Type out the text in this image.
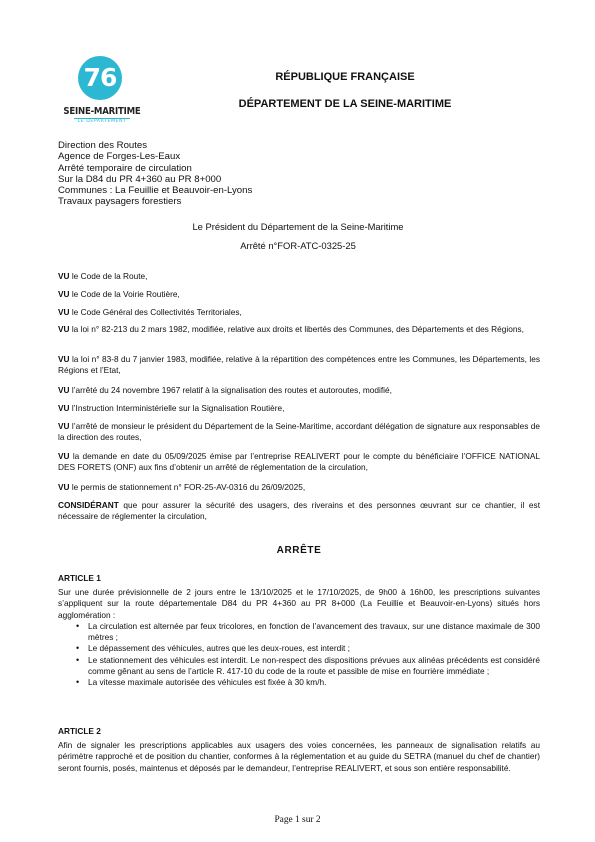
76
SEINE-MARITIME
LE DÉPARTEMENT
RÉPUBLIQUE FRANÇAISE
DÉPARTEMENT DE LA SEINE-MARITIME
Direction des Routes
Agence de Forges-Les-Eaux
Arrêté temporaire de circulation
Sur la D84 du PR 4+360 au PR 8+000
Communes : La Feuillie et Beauvoir-en-Lyons
Travaux paysagers forestiers
Le Président du Département de la Seine-Maritime
Arrêté n°FOR-ATC-0325-25
VU le Code de la Route,
VU le Code de la Voirie Routière,
VU le Code Général des Collectivités Territoriales,
VU la loi n° 82-213 du 2 mars 1982, modifiée, relative aux droits et libertés des Communes, des Départements et des Régions,
VU la loi n° 83-8 du 7 janvier 1983, modifiée, relative à la répartition des compétences entre les Communes, les Départements, les Régions et l’Etat,
VU l’arrêté du 24 novembre 1967 relatif à la signalisation des routes et autoroutes, modifié,
VU l’Instruction Interministérielle sur la Signalisation Routière,
VU l’arrêté de monsieur le président du Département de la Seine-Maritime, accordant délégation de signature aux responsables de la direction des routes,
VU la demande en date du 05/09/2025 émise par l’entreprise REALIVERT pour le compte du bénéficiaire l’OFFICE NATIONAL DES FORETS (ONF) aux fins d’obtenir un arrêté de réglementation de la circulation,
VU le permis de stationnement n° FOR-25-AV-0316 du 26/09/2025,
CONSIDÉRANT que pour assurer la sécurité des usagers, des riverains et des personnes œuvrant sur ce chantier, il est nécessaire de réglementer la circulation,
ARRÊTE
ARTICLE 1
Sur une durée prévisionnelle de 2 jours entre le 13/10/2025 et le 17/10/2025, de 9h00 à 16h00, les prescriptions suivantes s’appliquent sur la route départementale D84 du PR 4+360 au PR 8+000 (La Feuillie et Beauvoir-en-Lyons) situés hors agglomération :
• La circulation est alternée par feux tricolores, en fonction de l’avancement des travaux, sur une distance maximale de 300 mètres ;
• Le dépassement des véhicules, autres que les deux-roues, est interdit ;
• Le stationnement des véhicules est interdit. Le non-respect des dispositions prévues aux alinéas précédents est considéré comme gênant au sens de l’article R. 417-10 du code de la route et passible de mise en fourrière immédiate ;
• La vitesse maximale autorisée des véhicules est fixée à 30 km/h.
ARTICLE 2
Afin de signaler les prescriptions applicables aux usagers des voies concernées, les panneaux de signalisation relatifs au périmètre rapproché et de position du chantier, conformes à la réglementation et au guide du SETRA (manuel du chef de chantier) seront fournis, posés, maintenus et déposés par le demandeur, l’entreprise REALIVERT, et sous son entière responsabilité.
Page 1 sur 2
